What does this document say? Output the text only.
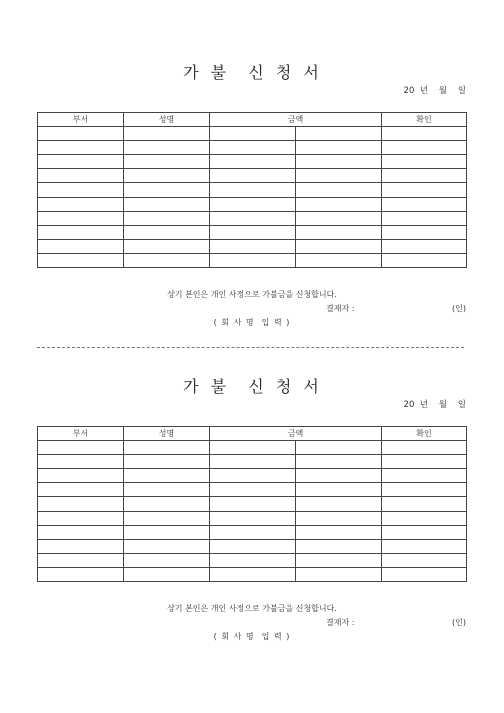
가 불  신 청 서
20  년    월    일
부서	성명	금액		확인

상기 본인은 개인 사정으로 가불금을 신청합니다.
결재자 :	(인)
( 회 사 명  입 력 )
가 불  신 청 서
20  년    월    일
부서	성명	금액		확인

상기 본인은 개인 사정으로 가불금을 신청합니다.
결재자 :	(인)
( 회 사 명  입 력 )
